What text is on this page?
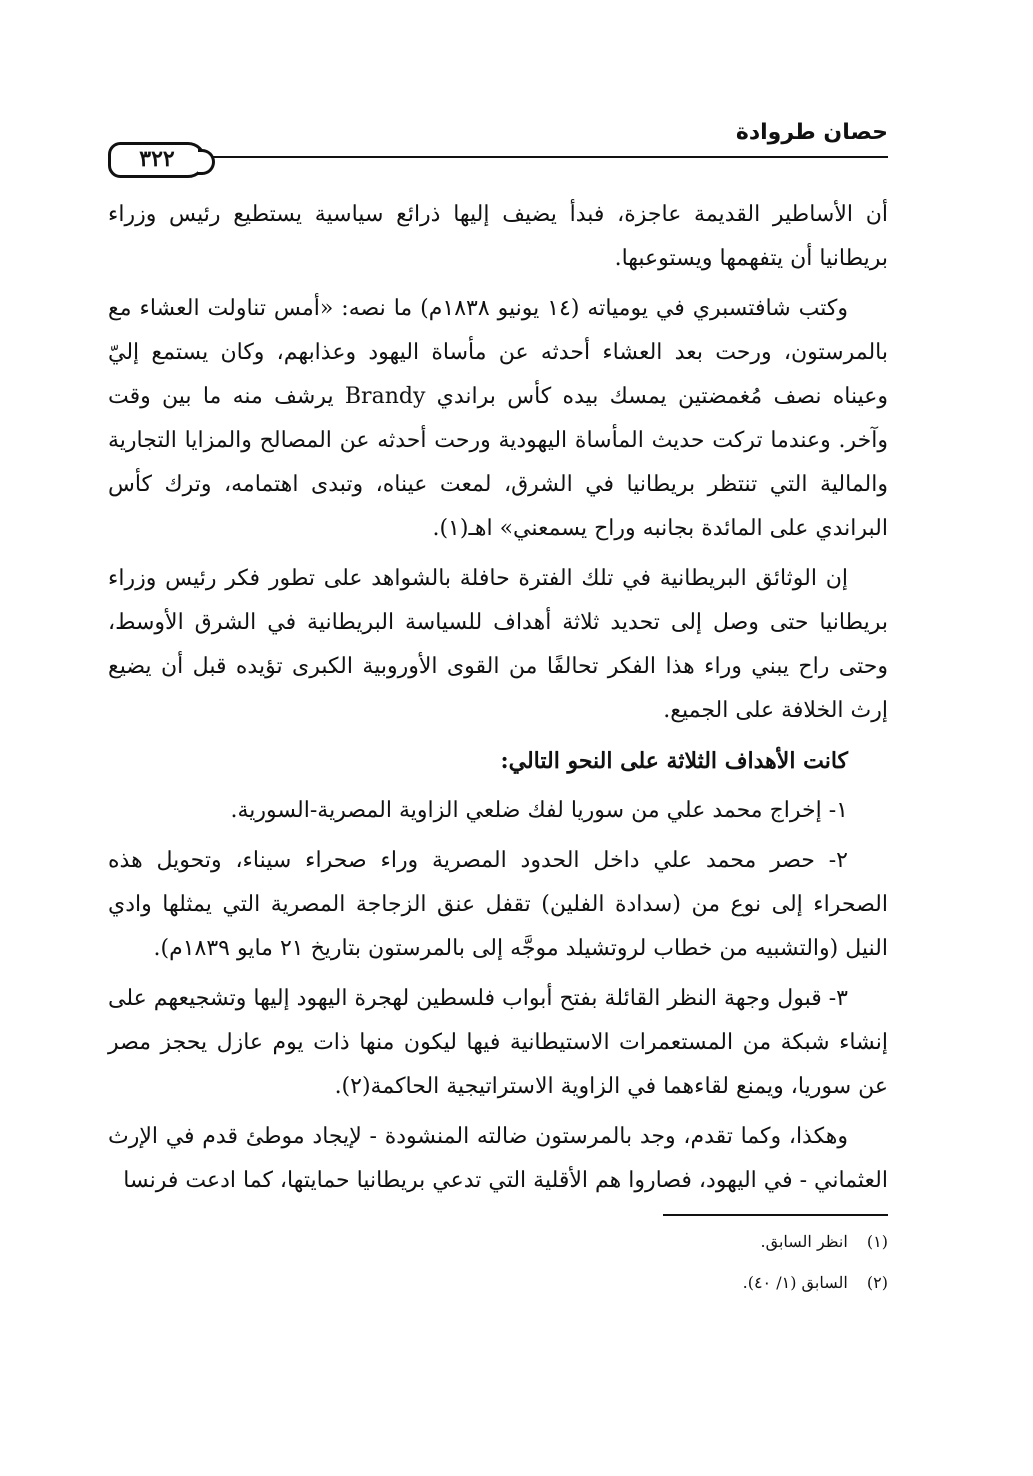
حصان طروادة
٣٢٢

أن الأساطير القديمة عاجزة، فبدأ يضيف إليها ذرائع سياسية يستطيع رئيس وزراء بريطانيا أن يتفهمها ويستوعبها.

وكتب شافتسبري في يومياته (١٤ يونيو ١٨٣٨م) ما نصه: «أمس تناولت العشاء مع بالمرستون، ورحت بعد العشاء أحدثه عن مأساة اليهود وعذابهم، وكان يستمع إليّ وعيناه نصف مُغمضتين يمسك بيده كأس براندي Brandy يرشف منه ما بين وقت وآخر. وعندما تركت حديث المأساة اليهودية ورحت أحدثه عن المصالح والمزايا التجارية والمالية التي تنتظر بريطانيا في الشرق، لمعت عيناه، وتبدى اهتمامه، وترك كأس البراندي على المائدة بجانبه وراح يسمعني» اهـ(١).

إن الوثائق البريطانية في تلك الفترة حافلة بالشواهد على تطور فكر رئيس وزراء بريطانيا حتى وصل إلى تحديد ثلاثة أهداف للسياسة البريطانية في الشرق الأوسط، وحتى راح يبني وراء هذا الفكر تحالفًا من القوى الأوروبية الكبرى تؤيده قبل أن يضيع إرث الخلافة على الجميع.

كانت الأهداف الثلاثة على النحو التالي:

١- إخراج محمد علي من سوريا لفك ضلعي الزاوية المصرية-السورية.

٢- حصر محمد علي داخل الحدود المصرية وراء صحراء سيناء، وتحويل هذه الصحراء إلى نوع من (سدادة الفلين) تقفل عنق الزجاجة المصرية التي يمثلها وادي النيل (والتشبيه من خطاب لروتشيلد موجَّه إلى بالمرستون بتاريخ ٢١ مايو ١٨٣٩م).

٣- قبول وجهة النظر القائلة بفتح أبواب فلسطين لهجرة اليهود إليها وتشجيعهم على إنشاء شبكة من المستعمرات الاستيطانية فيها ليكون منها ذات يوم عازل يحجز مصر عن سوريا، ويمنع لقاءهما في الزاوية الاستراتيجية الحاكمة(٢).

وهكذا، وكما تقدم، وجد بالمرستون ضالته المنشودة - لإيجاد موطئ قدم في الإرث العثماني - في اليهود، فصاروا هم الأقلية التي تدعي بريطانيا حمايتها، كما ادعت فرنسا

(١) انظر السابق.
(٢) السابق (١/ ٤٠).
